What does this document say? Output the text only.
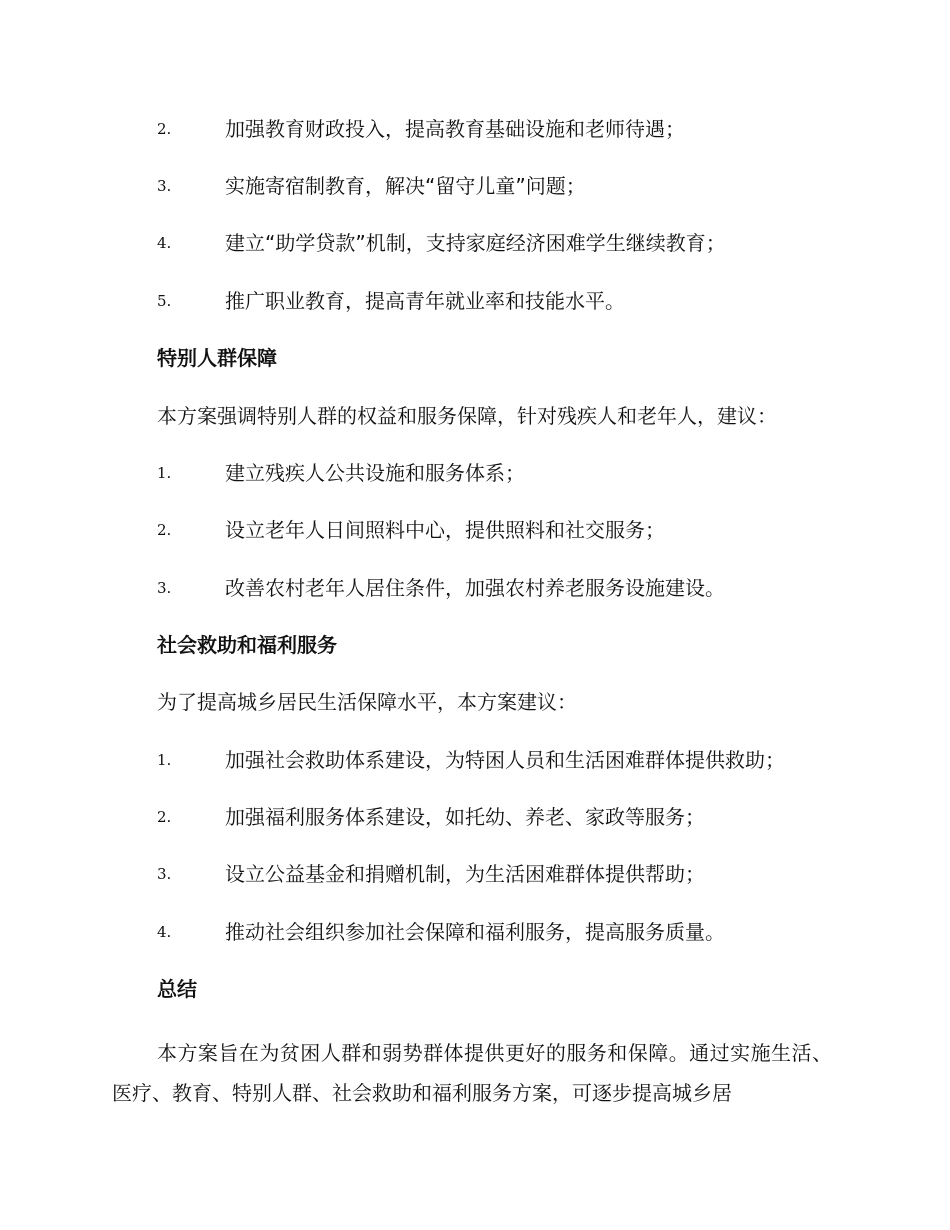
2.	加强教育财政投入，提高教育基础设施和老师待遇；
3.	实施寄宿制教育，解决“留守儿童”问题；
4.	建立“助学贷款”机制，支持家庭经济困难学生继续教育；
5.	推广职业教育，提高青年就业率和技能水平。
特别人群保障
本方案强调特别人群的权益和服务保障，针对残疾人和老年人，建议：
1.	建立残疾人公共设施和服务体系；
2.	设立老年人日间照料中心，提供照料和社交服务；
3.	改善农村老年人居住条件，加强农村养老服务设施建设。
社会救助和福利服务
为了提高城乡居民生活保障水平，本方案建议：
1.	加强社会救助体系建设，为特困人员和生活困难群体提供救助；
2.	加强福利服务体系建设，如托幼、养老、家政等服务；
3.	设立公益基金和捐赠机制，为生活困难群体提供帮助；
4.	推动社会组织参加社会保障和福利服务，提高服务质量。
总结

本方案旨在为贫困人群和弱势群体提供更好的服务和保障。通过实施生活、医疗、教育、特别人群、社会救助和福利服务方案，可逐步提高城乡居
